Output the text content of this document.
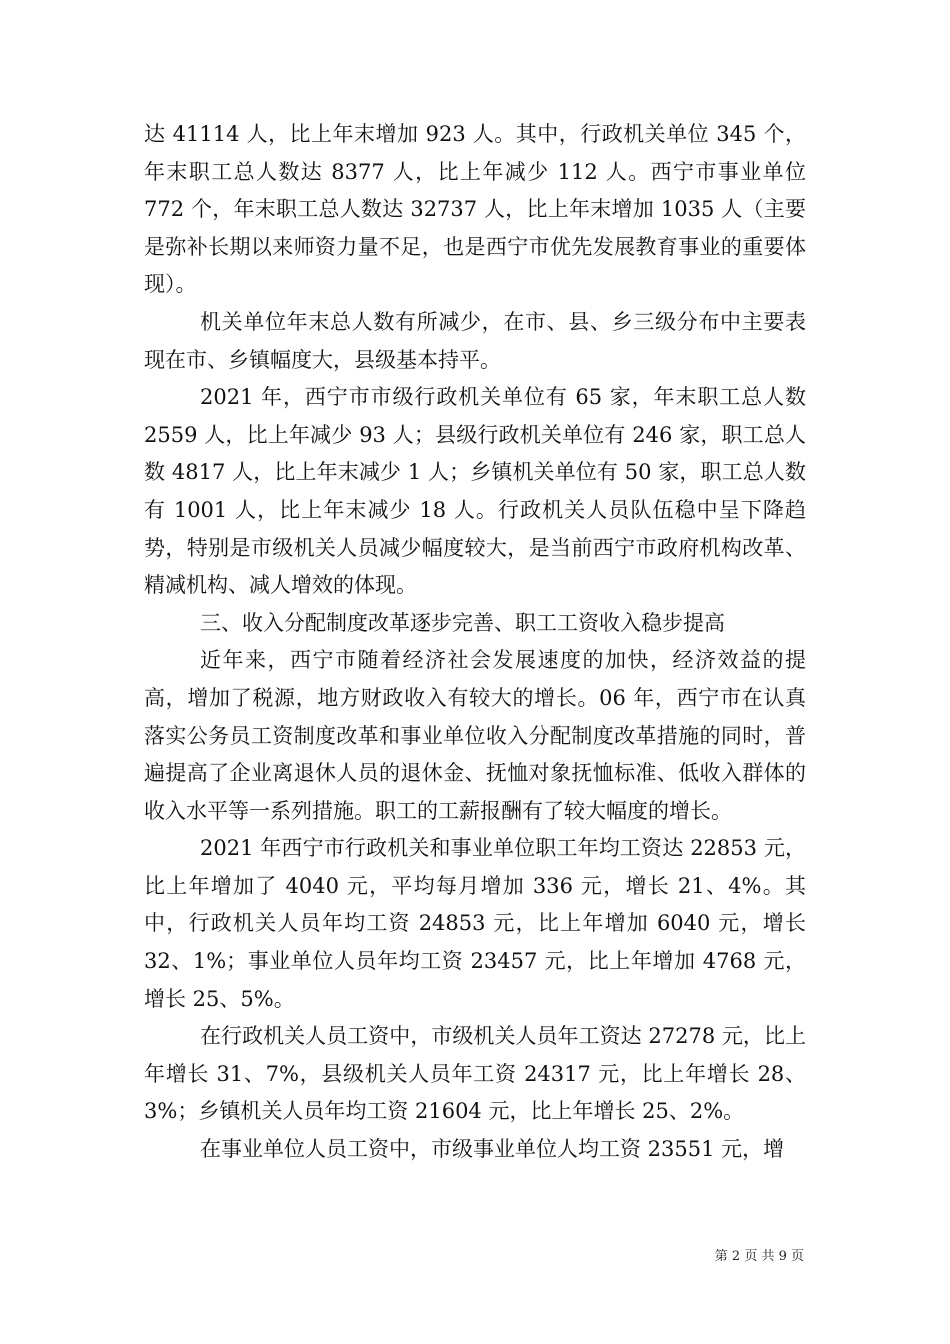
达 41114 人，比上年末增加 923 人。其中，行政机关单位 345 个，年末职工总人数达 8377 人，比上年减少 112 人。西宁市事业单位 772 个，年末职工总人数达 32737 人，比上年末增加 1035 人（主要是弥补长期以来师资力量不足，也是西宁市优先发展教育事业的重要体现）。

机关单位年末总人数有所减少，在市、县、乡三级分布中主要表现在市、乡镇幅度大，县级基本持平。

2021 年，西宁市市级行政机关单位有 65 家，年末职工总人数 2559 人，比上年减少 93 人；县级行政机关单位有 246 家，职工总人数 4817 人，比上年末减少 1 人；乡镇机关单位有 50 家，职工总人数有 1001 人，比上年末减少 18 人。行政机关人员队伍稳中呈下降趋势，特别是市级机关人员减少幅度较大，是当前西宁市政府机构改革、精减机构、减人增效的体现。

三、收入分配制度改革逐步完善、职工工资收入稳步提高

近年来，西宁市随着经济社会发展速度的加快，经济效益的提高，增加了税源，地方财政收入有较大的增长。06 年，西宁市在认真落实公务员工资制度改革和事业单位收入分配制度改革措施的同时，普遍提高了企业离退休人员的退休金、抚恤对象抚恤标准、低收入群体的收入水平等一系列措施。职工的工薪报酬有了较大幅度的增长。

2021 年西宁市行政机关和事业单位职工年均工资达 22853 元，比上年增加了 4040 元，平均每月增加 336 元，增长 21、4%。其中，行政机关人员年均工资 24853 元，比上年增加 6040 元，增长 32、1%；事业单位人员年均工资 23457 元，比上年增加 4768 元，增长 25、5%。

在行政机关人员工资中，市级机关人员年工资达 27278 元，比上年增长 31、7%，县级机关人员年工资 24317 元，比上年增长 28、3%；乡镇机关人员年均工资 21604 元，比上年增长 25、2%。

在事业单位人员工资中，市级事业单位人均工资 23551 元，增

第 2 页 共 9 页
